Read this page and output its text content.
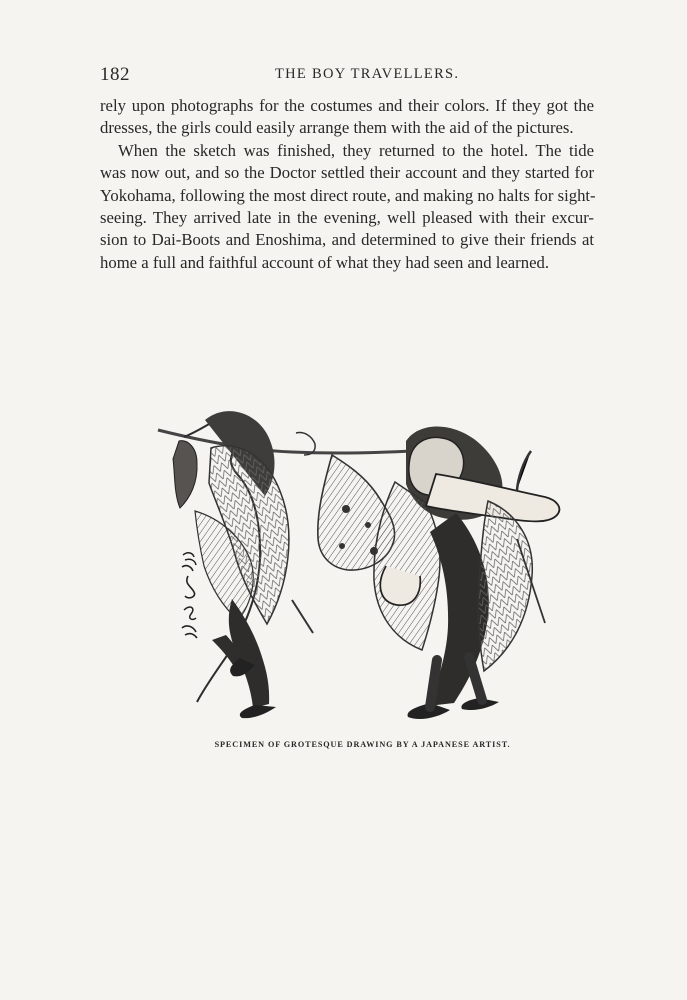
182	THE BOY TRAVELLERS.
rely upon photographs for the costumes and their colors. If they got the
dresses, the girls could easily arrange them with the aid of the pictures.
When the sketch was finished, they returned to the hotel. The tide
was now out, and so the Doctor settled their account and they started for
Yokohama, following the most direct route, and making no halts for sight-
seeing. They arrived late in the evening, well pleased with their excur-
sion to Dai-Boots and Enoshima, and determined to give their friends at
home a full and faithful account of what they had seen and learned.
SPECIMEN OF GROTESQUE DRAWING BY A JAPANESE ARTIST.
